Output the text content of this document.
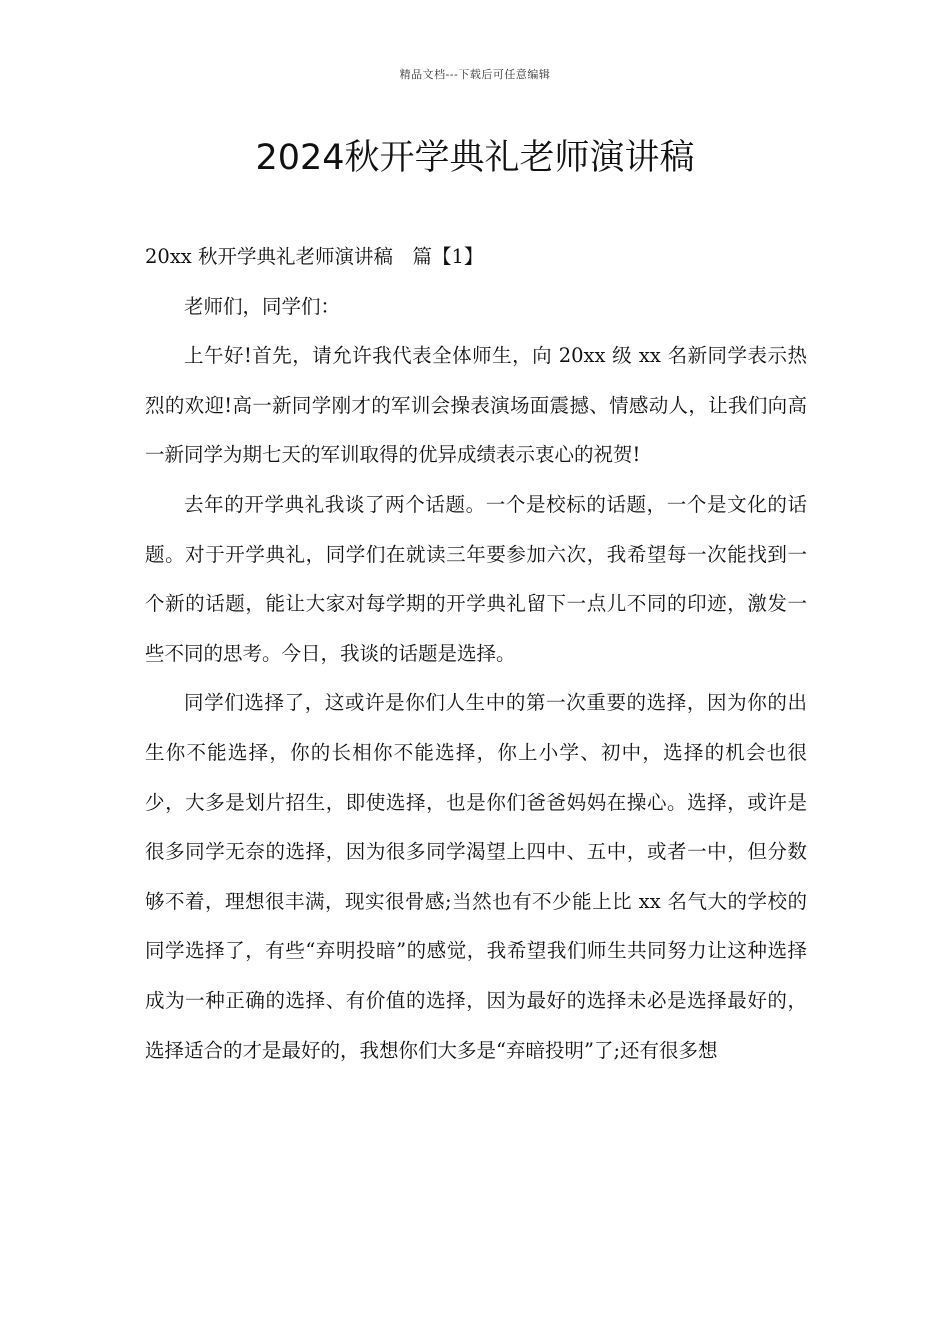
精品文档---下载后可任意编辑
2024秋开学典礼老师演讲稿

20xx 秋开学典礼老师演讲稿　篇【1】

老师们，同学们：

上午好!首先，请允许我代表全体师生，向 20xx 级 xx 名新同学表示热烈的欢迎!高一新同学刚才的军训会操表演场面震撼、情感动人，让我们向高一新同学为期七天的军训取得的优异成绩表示衷心的祝贺!

去年的开学典礼我谈了两个话题。一个是校标的话题，一个是文化的话题。对于开学典礼，同学们在就读三年要参加六次，我希望每一次能找到一个新的话题，能让大家对每学期的开学典礼留下一点儿不同的印迹，激发一些不同的思考。今日，我谈的话题是选择。

同学们选择了，这或许是你们人生中的第一次重要的选择，因为你的出生你不能选择，你的长相你不能选择，你上小学、初中，选择的机会也很少，大多是划片招生，即使选择，也是你们爸爸妈妈在操心。选择，或许是很多同学无奈的选择，因为很多同学渴望上四中、五中，或者一中，但分数够不着，理想很丰满，现实很骨感;当然也有不少能上比 xx 名气大的学校的同学选择了，有些“弃明投暗”的感觉，我希望我们师生共同努力让这种选择成为一种正确的选择、有价值的选择，因为最好的选择未必是选择最好的，选择适合的才是最好的，我想你们大多是“弃暗投明”了;还有很多想
